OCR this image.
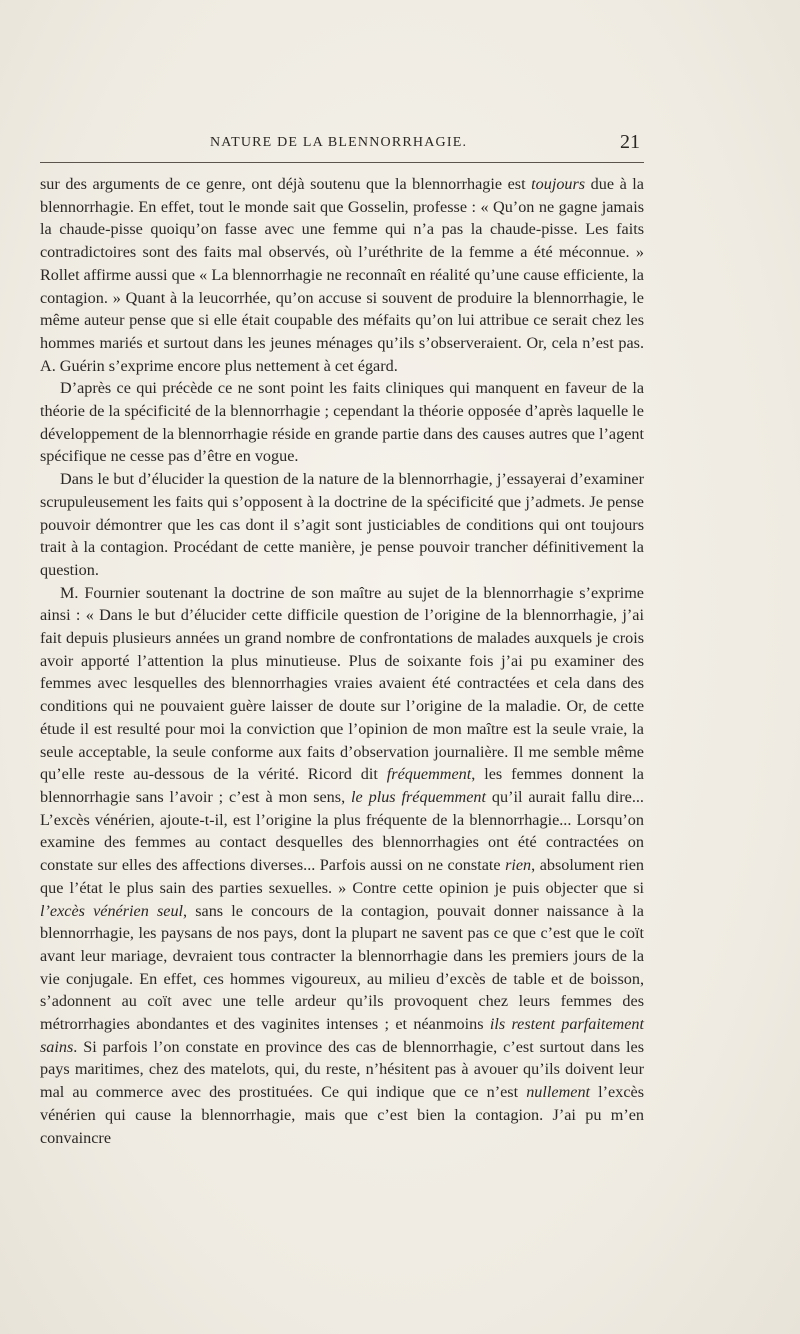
NATURE DE LA BLENNORRHAGIE.	21

sur des arguments de ce genre, ont déjà soutenu que la blennorrhagie est toujours due à la blennorrhagie. En effet, tout le monde sait que Gosselin, professe : « Qu’on ne gagne jamais la chaude-pisse quoiqu’on fasse avec une femme qui n’a pas la chaude-pisse. Les faits contradictoires sont des faits mal observés, où l’uréthrite de la femme a été méconnue. » Rollet affirme aussi que « La blennorrhagie ne reconnaît en réalité qu’une cause efficiente, la contagion. » Quant à la leucorrhée, qu’on accuse si souvent de produire la blennorrhagie, le même auteur pense que si elle était coupable des méfaits qu’on lui attribue ce serait chez les hommes mariés et surtout dans les jeunes ménages qu’ils s’observeraient. Or, cela n’est pas. A. Guérin s’exprime encore plus nettement à cet égard.

D’après ce qui précède ce ne sont point les faits cliniques qui manquent en faveur de la théorie de la spécificité de la blennorrhagie ; cependant la théorie opposée d’après laquelle le développement de la blennorrhagie réside en grande partie dans des causes autres que l’agent spécifique ne cesse pas d’être en vogue.

Dans le but d’élucider la question de la nature de la blennorrhagie, j’essayerai d’examiner scrupuleusement les faits qui s’opposent à la doctrine de la spécificité que j’admets. Je pense pouvoir démontrer que les cas dont il s’agit sont justiciables de conditions qui ont toujours trait à la contagion. Procédant de cette manière, je pense pouvoir trancher définitivement la question.

M. Fournier soutenant la doctrine de son maître au sujet de la blennorrhagie s’exprime ainsi : « Dans le but d’élucider cette difficile question de l’origine de la blennorrhagie, j’ai fait depuis plusieurs années un grand nombre de confrontations de malades auxquels je crois avoir apporté l’attention la plus minutieuse. Plus de soixante fois j’ai pu examiner des femmes avec lesquelles des blennorrhagies vraies avaient été contractées et cela dans des conditions qui ne pouvaient guère laisser de doute sur l’origine de la maladie. Or, de cette étude il est resulté pour moi la conviction que l’opinion de mon maître est la seule vraie, la seule acceptable, la seule conforme aux faits d’observation journalière. Il me semble même qu’elle reste au-dessous de la vérité. Ricord dit fréquemment, les femmes donnent la blennorrhagie sans l’avoir ; c’est à mon sens, le plus fréquemment qu’il aurait fallu dire... L’excès vénérien, ajoute-t-il, est l’origine la plus fréquente de la blennorrhagie... Lorsqu’on examine des femmes au contact desquelles des blennorrhagies ont été contractées on constate sur elles des affections diverses... Parfois aussi on ne constate rien, absolument rien que l’état le plus sain des parties sexuelles. » Contre cette opinion je puis objecter que si l’excès vénérien seul, sans le concours de la contagion, pouvait donner naissance à la blennorrhagie, les paysans de nos pays, dont la plupart ne savent pas ce que c’est que le coït avant leur mariage, devraient tous contracter la blennorrhagie dans les premiers jours de la vie conjugale. En effet, ces hommes vigoureux, au milieu d’excès de table et de boisson, s’adonnent au coït avec une telle ardeur qu’ils provoquent chez leurs femmes des métrorrhagies abondantes et des vaginites intenses ; et néanmoins ils restent parfaitement sains. Si parfois l’on constate en province des cas de blennorrhagie, c’est surtout dans les pays maritimes, chez des matelots, qui, du reste, n’hésitent pas à avouer qu’ils doivent leur mal au commerce avec des prostituées. Ce qui indique que ce n’est nullement l’excès vénérien qui cause la blennorrhagie, mais que c’est bien la contagion. J’ai pu m’en convaincre
